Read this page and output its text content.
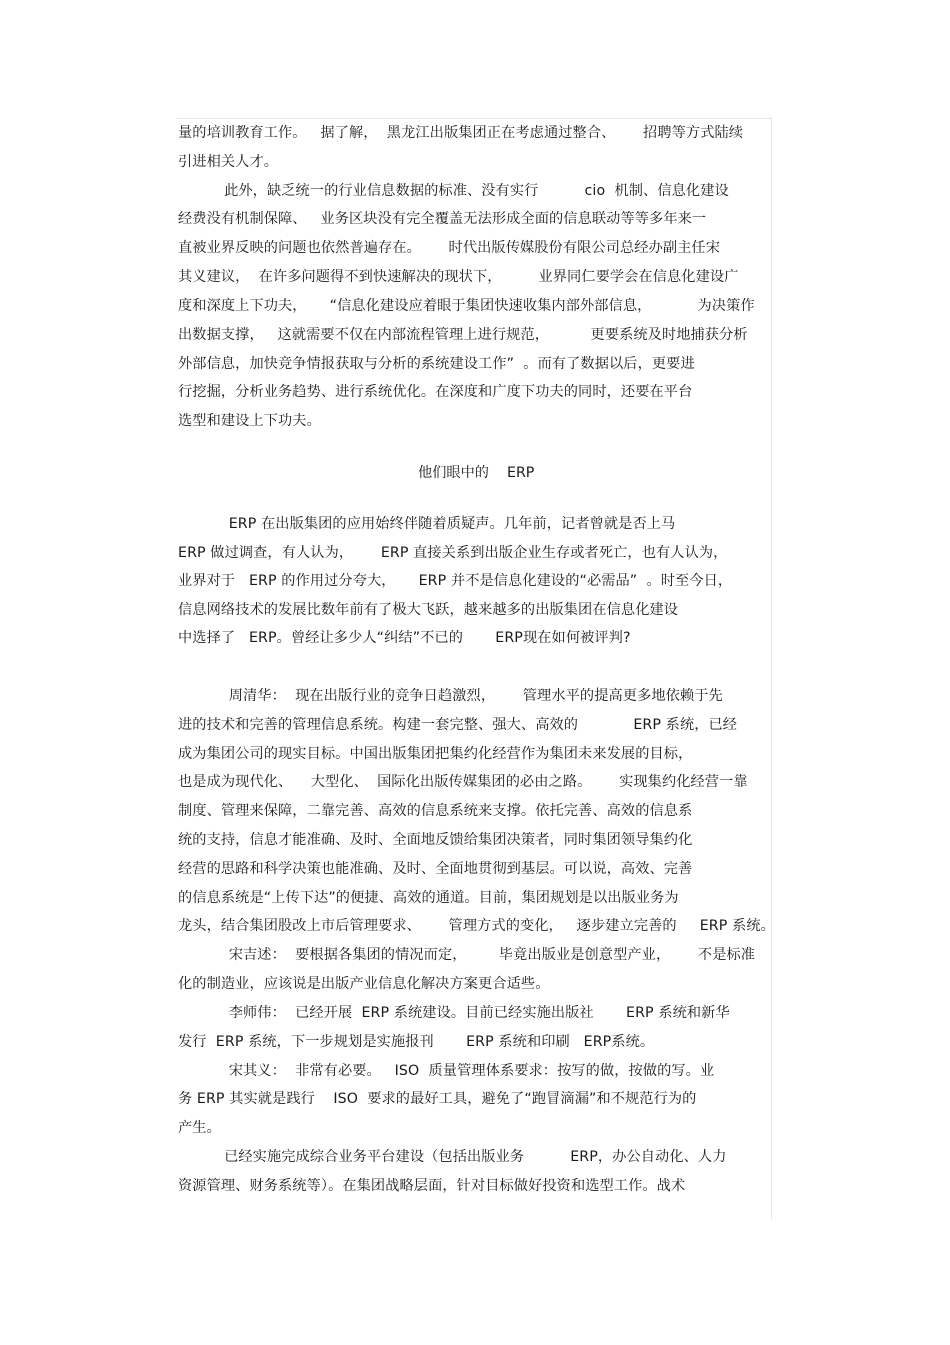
量的培训教育工作。   据了解，  黑龙江出版集团正在考虑通过整合、      招聘等方式陆续
引进相关人才。
此外，缺乏统一的行业信息数据的标准、没有实行          cio  机制、信息化建设
经费没有机制保障、   业务区块没有完全覆盖无法形成全面的信息联动等等多年来一
直被业界反映的问题也依然普遍存在。      时代出版传媒股份有限公司总经办副主任宋
其义建议，  在许多问题得不到快速解决的现状下，        业界同仁要学会在信息化建设广
度和深度上下功夫，     “信息化建设应着眼于集团快速收集内部外部信息，          为决策作
出数据支撑，   这就需要不仅在内部流程管理上进行规范，         更要系统及时地捕获分析
外部信息，加快竞争情报获取与分析的系统建设工作”  。而有了数据以后，更要进
行挖掘，分析业务趋势、进行系统优化。在深度和广度下功夫的同时，还要在平台
选型和建设上下功夫。
他们眼中的    ERP
ERP 在出版集团的应用始终伴随着质疑声。几年前，记者曾就是否上马
ERP 做过调查，有人认为，      ERP 直接关系到出版企业生存或者死亡，也有人认为，
业界对于   ERP 的作用过分夸大，     ERP 并不是信息化建设的“必需品”  。时至今日，
信息网络技术的发展比数年前有了极大飞跃，越来越多的出版集团在信息化建设
中选择了   ERP。曾经让多少人“纠结”不已的       ERP现在如何被评判?
周清华：  现在出版行业的竞争日趋激烈，      管理水平的提高更多地依赖于先
进的技术和完善的管理信息系统。构建一套完整、强大、高效的            ERP 系统，已经
成为集团公司的现实目标。中国出版集团把集约化经营作为集团未来发展的目标，
也是成为现代化、    大型化、  国际化出版传媒集团的必由之路。      实现集约化经营一靠
制度、管理来保障，二靠完善、高效的信息系统来支撑。依托完善、高效的信息系
统的支持，信息才能准确、及时、全面地反馈给集团决策者，同时集团领导集约化
经营的思路和科学决策也能准确、及时、全面地贯彻到基层。可以说，高效、完善
的信息系统是“上传下达”的便捷、高效的通道。目前，集团规划是以出版业务为
龙头，结合集团股改上市后管理要求、      管理方式的变化，   逐步建立完善的     ERP 系统。
宋吉述：  要根据各集团的情况而定，       毕竟出版业是创意型产业，      不是标准
化的制造业，应该说是出版产业信息化解决方案更合适些。
李师伟：  已经开展  ERP 系统建设。目前已经实施出版社       ERP 系统和新华
发行  ERP 系统，下一步规划是实施报刊       ERP 系统和印刷   ERP系统。
宋其义：  非常有必要。   ISO  质量管理体系要求：按写的做，按做的写。业
务 ERP 其实就是践行    ISO  要求的最好工具，避免了“跑冒滴漏”和不规范行为的
产生。
已经实施完成综合业务平台建设（包括出版业务          ERP，办公自动化、人力
资源管理、财务系统等）。在集团战略层面，针对目标做好投资和选型工作。战术
